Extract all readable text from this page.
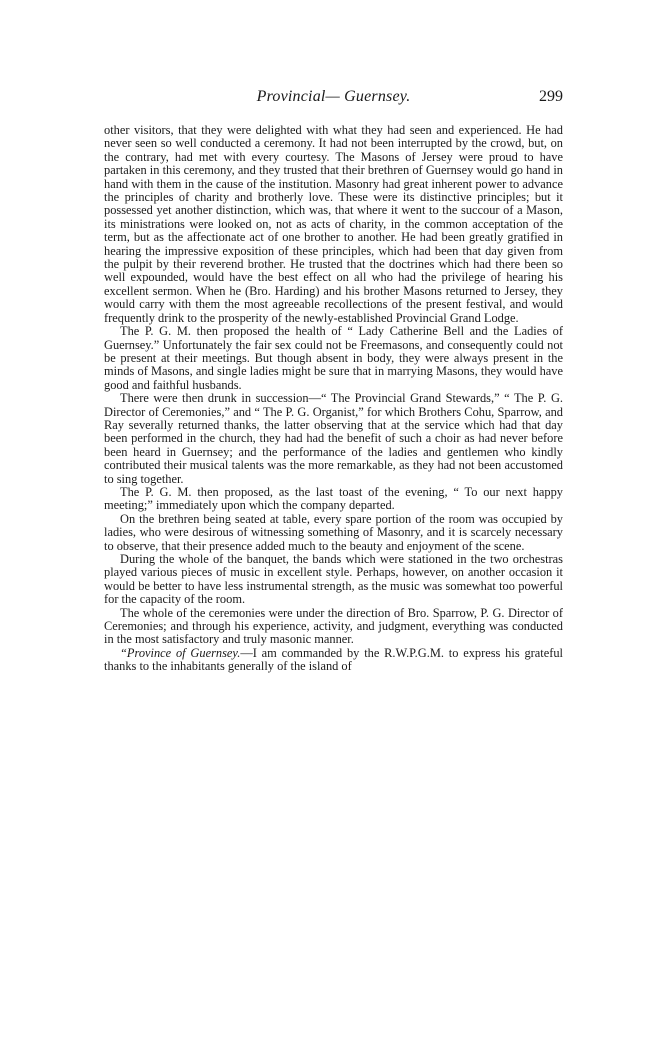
Provincial— Guernsey.	299

other visitors, that they were delighted with what they had seen and experienced. He had never seen so well conducted a ceremony. It had not been interrupted by the crowd, but, on the contrary, had met with every courtesy. The Masons of Jersey were proud to have partaken in this ceremony, and they trusted that their brethren of Guernsey would go hand in hand with them in the cause of the institution. Masonry had great inherent power to advance the principles of charity and brotherly love. These were its distinctive principles; but it possessed yet another distinction, which was, that where it went to the succour of a Mason, its ministrations were looked on, not as acts of charity, in the common acceptation of the term, but as the affectionate act of one brother to another. He had been greatly gratified in hearing the impressive exposition of these principles, which had been that day given from the pulpit by their reverend brother. He trusted that the doctrines which had there been so well expounded, would have the best effect on all who had the privilege of hearing his excellent sermon. When he (Bro. Harding) and his brother Masons returned to Jersey, they would carry with them the most agreeable recollections of the present festival, and would frequently drink to the prosperity of the newly-established Provincial Grand Lodge.

The P. G. M. then proposed the health of “ Lady Catherine Bell and the Ladies of Guernsey.” Unfortunately the fair sex could not be Freemasons, and consequently could not be present at their meetings. But though absent in body, they were always present in the minds of Masons, and single ladies might be sure that in marrying Masons, they would have good and faithful husbands.

There were then drunk in succession—“ The Provincial Grand Stewards,” “ The P. G. Director of Ceremonies,” and “ The P. G. Organist,” for which Brothers Cohu, Sparrow, and Ray severally returned thanks, the latter observing that at the service which had that day been performed in the church, they had had the benefit of such a choir as had never before been heard in Guernsey; and the performance of the ladies and gentlemen who kindly contributed their musical talents was the more remarkable, as they had not been accustomed to sing together.

The P. G. M. then proposed, as the last toast of the evening, “ To our next happy meeting;” immediately upon which the company departed.

On the brethren being seated at table, every spare portion of the room was occupied by ladies, who were desirous of witnessing something of Masonry, and it is scarcely necessary to observe, that their presence added much to the beauty and enjoyment of the scene.

During the whole of the banquet, the bands which were stationed in the two orchestras played various pieces of music in excellent style. Perhaps, however, on another occasion it would be better to have less instrumental strength, as the music was somewhat too powerful for the capacity of the room.

The whole of the ceremonies were under the direction of Bro. Sparrow, P. G. Director of Ceremonies; and through his experience, activity, and judgment, everything was conducted in the most satisfactory and truly masonic manner.

“Province of Guernsey.—I am commanded by the R.W.P.G.M. to express his grateful thanks to the inhabitants generally of the island of
